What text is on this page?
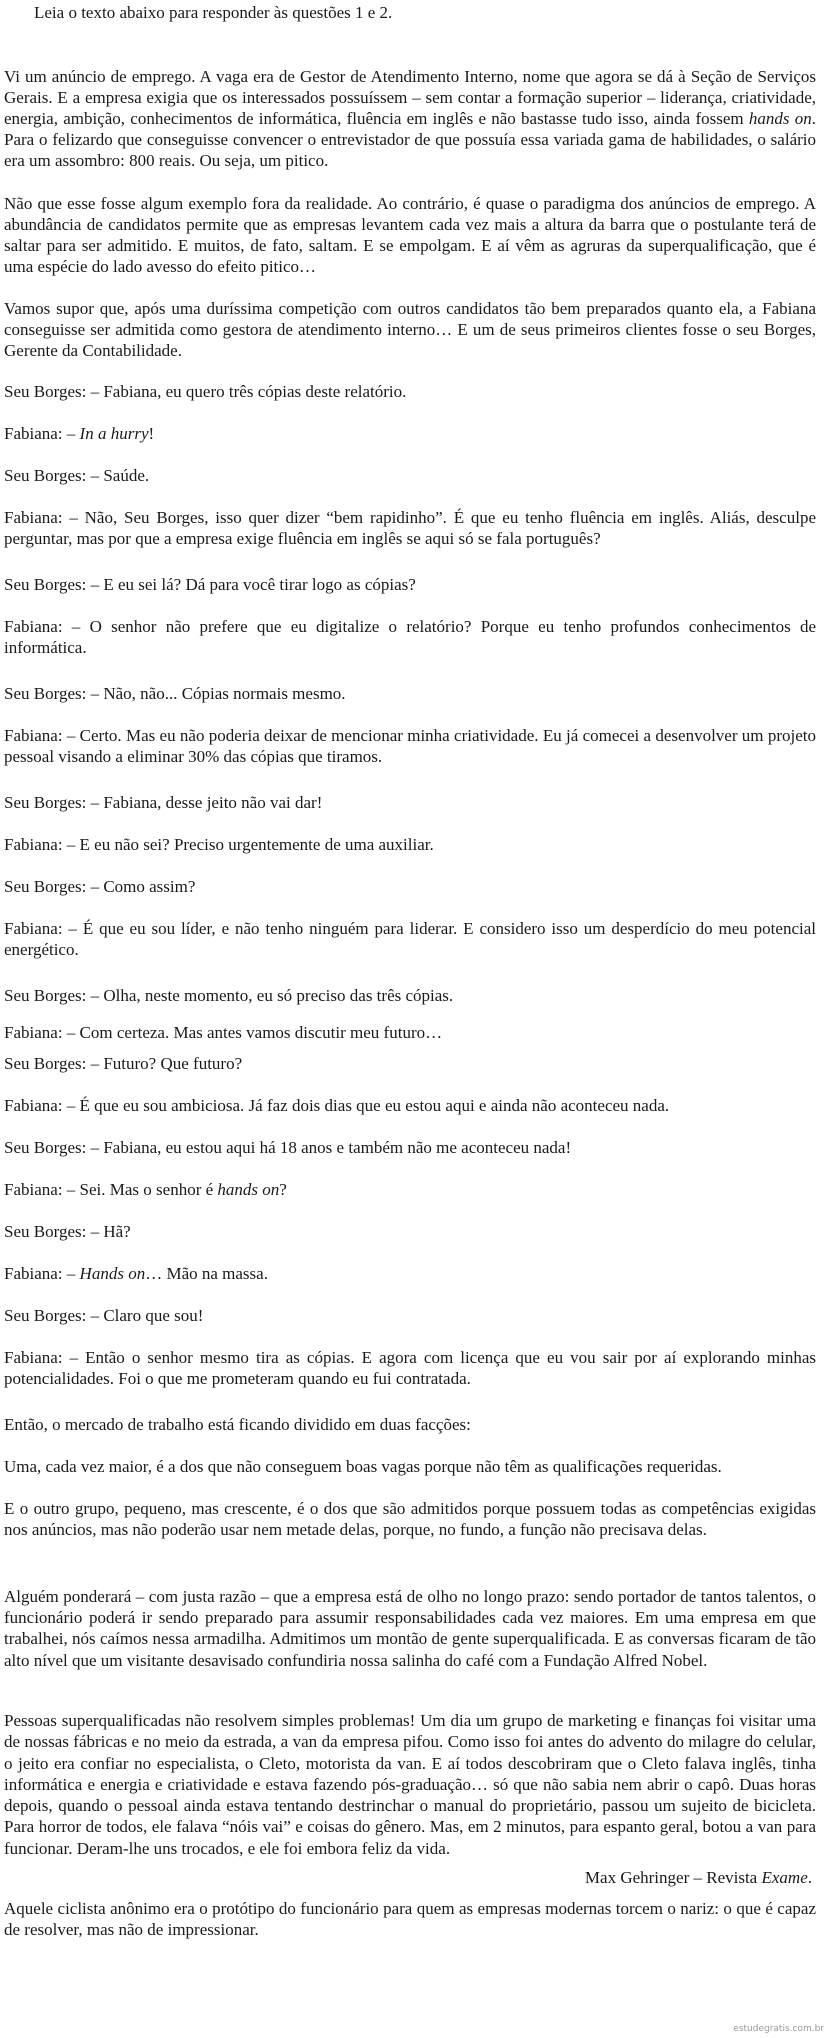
Leia o texto abaixo para responder às questões 1 e 2.

Vi um anúncio de emprego. A vaga era de Gestor de Atendimento Interno, nome que agora se dá à Seção de Serviços Gerais. E a empresa exigia que os interessados possuíssem – sem contar a formação superior – liderança, criatividade, energia, ambição, conhecimentos de informática, fluência em inglês e não bastasse tudo isso, ainda fossem hands on. Para o felizardo que conseguisse convencer o entrevistador de que possuía essa variada gama de habilidades, o salário era um assombro: 800 reais. Ou seja, um pitico.

Não que esse fosse algum exemplo fora da realidade. Ao contrário, é quase o paradigma dos anúncios de emprego. A abundância de candidatos permite que as empresas levantem cada vez mais a altura da barra que o postulante terá de saltar para ser admitido. E muitos, de fato, saltam. E se empolgam. E aí vêm as agruras da superqualificação, que é uma espécie do lado avesso do efeito pitico…

Vamos supor que, após uma duríssima competição com outros candidatos tão bem preparados quanto ela, a Fabiana conseguisse ser admitida como gestora de atendimento interno… E um de seus primeiros clientes fosse o seu Borges, Gerente da Contabilidade.

Seu Borges: – Fabiana, eu quero três cópias deste relatório.

Fabiana: – In a hurry!

Seu Borges: – Saúde.

Fabiana: – Não, Seu Borges, isso quer dizer “bem rapidinho”. É que eu tenho fluência em inglês. Aliás, desculpe perguntar, mas por que a empresa exige fluência em inglês se aqui só se fala português?

Seu Borges: – E eu sei lá? Dá para você tirar logo as cópias?

Fabiana: – O senhor não prefere que eu digitalize o relatório? Porque eu tenho profundos conhecimentos de informática.

Seu Borges: – Não, não... Cópias normais mesmo.

Fabiana: – Certo. Mas eu não poderia deixar de mencionar minha criatividade. Eu já comecei a desenvolver um projeto pessoal visando a eliminar 30% das cópias que tiramos.

Seu Borges: – Fabiana, desse jeito não vai dar!

Fabiana: – E eu não sei? Preciso urgentemente de uma auxiliar.

Seu Borges: – Como assim?

Fabiana: – É que eu sou líder, e não tenho ninguém para liderar. E considero isso um desperdício do meu potencial energético.

Seu Borges: – Olha, neste momento, eu só preciso das três cópias.

Fabiana: – Com certeza. Mas antes vamos discutir meu futuro…

Seu Borges: – Futuro? Que futuro?

Fabiana: – É que eu sou ambiciosa. Já faz dois dias que eu estou aqui e ainda não aconteceu nada.

Seu Borges: – Fabiana, eu estou aqui há 18 anos e também não me aconteceu nada!

Fabiana: – Sei. Mas o senhor é hands on?

Seu Borges: – Hã?

Fabiana: – Hands on… Mão na massa.

Seu Borges: – Claro que sou!

Fabiana: – Então o senhor mesmo tira as cópias. E agora com licença que eu vou sair por aí explorando minhas potencialidades. Foi o que me prometeram quando eu fui contratada.

Então, o mercado de trabalho está ficando dividido em duas facções:

Uma, cada vez maior, é a dos que não conseguem boas vagas porque não têm as qualificações requeridas.

E o outro grupo, pequeno, mas crescente, é o dos que são admitidos porque possuem todas as competências exigidas nos anúncios, mas não poderão usar nem metade delas, porque, no fundo, a função não precisava delas.

Alguém ponderará – com justa razão – que a empresa está de olho no longo prazo: sendo portador de tantos talentos, o funcionário poderá ir sendo preparado para assumir responsabilidades cada vez maiores. Em uma empresa em que trabalhei, nós caímos nessa armadilha. Admitimos um montão de gente superqualificada. E as conversas ficaram de tão alto nível que um visitante desavisado confundiria nossa salinha do café com a Fundação Alfred Nobel.

Pessoas superqualificadas não resolvem simples problemas! Um dia um grupo de marketing e finanças foi visitar uma de nossas fábricas e no meio da estrada, a van da empresa pifou. Como isso foi antes do advento do milagre do celular, o jeito era confiar no especialista, o Cleto, motorista da van. E aí todos descobriram que o Cleto falava inglês, tinha informática e energia e criatividade e estava fazendo pós-graduação… só que não sabia nem abrir o capô. Duas horas depois, quando o pessoal ainda estava tentando destrinchar o manual do proprietário, passou um sujeito de bicicleta. Para horror de todos, ele falava “nóis vai” e coisas do gênero. Mas, em 2 minutos, para espanto geral, botou a van para funcionar. Deram-lhe uns trocados, e ele foi embora feliz da vida.

Aquele ciclista anônimo era o protótipo do funcionário para quem as empresas modernas torcem o nariz: o que é capaz de resolver, mas não de impressionar.

Max Gehringer – Revista Exame.

estudegratis.com.br
